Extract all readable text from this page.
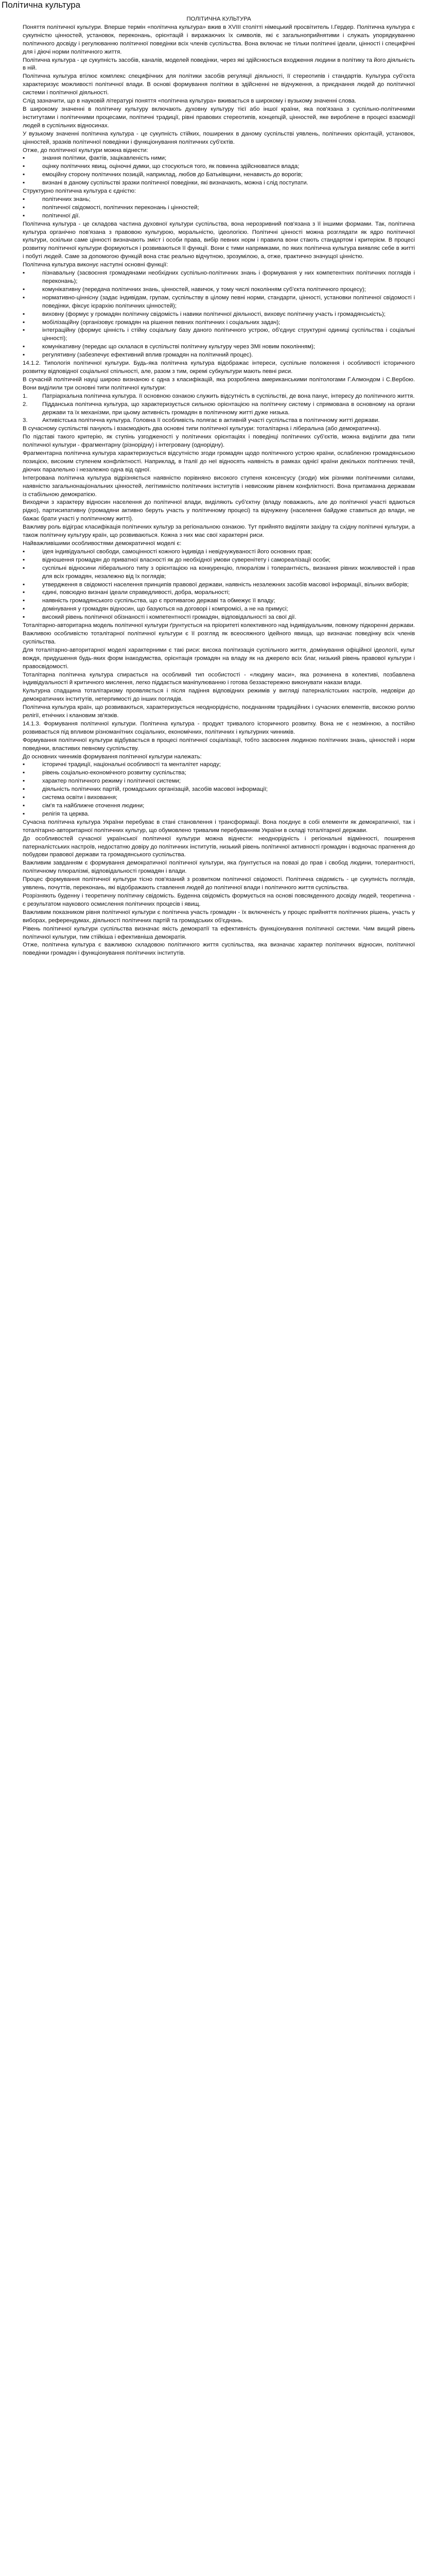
Політична культура

ПОЛІТИЧНА КУЛЬТУРА

Поняття політичної культури. Вперше термін «політична культура» вжив в XVIII столітті німецький просвітитель І.Гердер. Політична культура є сукупністю цінностей, установок, переконань, орієнтацій і виражаючих їх символів, які є загальноприйнятими і служать упорядкуванню політичного досвіду і регулюванню політичної поведінки всіх членів суспільства. Вона включає не тільки політичні ідеали, цінності і специфічні для і діючі норми політичного життя.

Політична культура - це сукупність засобів, каналів, моделей поведінки, через які здійснюється входження людини в політику та його діяльність в ній.

Політична культура втілює комплекс специфічних для політики засобів регуляції діяльності, її стереотипів і стандартів. Культура суб'єкта характеризує можливості політичної влади. В основі формування політики в здійсненні не відчуження, а приєднання людей до політичної системи і політичної діяльності.

Слід зазначити, що в науковій літературі поняття «політична культура» вживається в широкому і вузькому значенні слова.

В широкому значенні в політичну культуру включають духовну культуру тієї або іншої країни, яка пов'язана з суспільно-політичними інститутами і політичними процесами, політичні традиції, рівні правових стереотипів, концепцій, цінностей, яке вироблене в процесі взаємодії людей в суспільних відносинах.

У вузькому значенні політична культура - це сукупність стійких, поширених в даному суспільстві уявлень, політичних орієнтацій, установок, цінностей, зразків політичної поведінки і функціонування політичних суб'єктів.

Отже, до політичної культури можна віднести:

▪	знання політики, фактів, зацікавленість ними;
▪	оцінку політичних явищ, оціночні думки, що стосуються того, як повинна здійснюватися влада;
▪	емоційну сторону політичних позицій, наприклад, любов до Батьківщини, ненависть до ворогів;
▪	визнані в даному суспільстві зразки політичної поведінки, які визначають, можна і слід поступати.

Структурно політична культура є єдністю:

▪	політичних знань;
▪	політичної свідомості, політичних переконань і цінностей;
▪	політичної дії.

Політична культура - це складова частина духовної культури суспільства, вона нерозривний пов'язана з її іншими формами. Так, політична культура органічно пов'язана з правовою культурою, моральністю, ідеологією. Політичні цінності можна розглядати як ядро політичної культури, оскільки саме цінності визначають зміст і особи права, вибір певних норм і правила вони стають стандартом і критерієм. В процесі розвитку політичної культури формуються і розвиваються її функції. Вони є тими напрямками, по яких політична культура виявляє себе в житті і побуті людей. Саме за допомогою функцій вона стає реально відчутною, зрозумілою, а, отже, практично значущої цінністю.

Політична культура виконує наступні основні функції:

▪	пізнавальну (засвоєння громадянами необхідних суспільно-політичних знань і формування у них компетентних політичних поглядів і переконань);
▪	комунікативну (передача політичних знань, цінностей, навичок, у тому числі поколінням суб'єкта політичного процесу);
▪	нормативно-ціннісну (задає індивідам, групам, суспільству в цілому певні норми, стандарти, цінності, установки політичної свідомості і поведінки, фіксує ієрархію політичних цінностей);
▪	виховну (формує у громадян політичну свідомість і навики політичної діяльності, виховує політичну участь і громадянськість);
▪	мобілізаційну (організовує громадян на рішення певних політичних і соціальних задач);
▪	інтеграційну (формує цінність і стійку соціальну базу даного політичного устрою, об'єднує структурні одиниці суспільства і соціальні цінності);
▪	комунікативну (передає що склалася в суспільстві політичну культуру через ЗМІ новим поколінням);
▪	регулятивну (забезпечує ефективний вплив громадян на політичний процес).

14.1.2. Типологія політичної культури. Будь-яка політична культура відображає інтереси, суспільне положення і особливості історичного розвитку відповідної соціальної спільності, але, разом з тим, окремі субкультури мають певні риси.

В сучасній політичній науці широко визнаною є одна з класифікацій, яка розроблена американськими політологами Г.Алмондом і С.Вербою. Вони виділили три основні типи політичної культури:

1.	Патріархальна політична культура. її основною ознакою служить відсутність в суспільстві, де вона панує, інтересу до політичного життя.
2.	Підданська політична культура, що характеризується сильною орієнтацією на політичну систему і спрямована в основному на органи держави та їх механізми, при цьому активність громадян в політичному житті дуже низька.
3.	Активістська політична культура. Головна її особливість полягає в активній участі суспільства в політичному житті держави.

В сучасному суспільстві панують і взаємодіють два основні типи політичної культури: тоталітарна і ліберальна (або демократична).

По підставі такого критерію, як ступінь узгодженості у політичних орієнтаціях і поведінці політичних суб'єктів, можна виділити два типи політичної культури - фрагментарну (різнорідну) і інтегровану (однорідну).

Фрагментарна політична культура характеризується відсутністю згоди громадян щодо політичного устрою країни, ослабленою громадянською позицією, високим ступенем конфліктності. Наприклад, в Італії до неї відносять наявність в рамках однієї країни декількох політичних течій, діючих паралельно і незалежно одна від одної.

Інтегрована політична культура відрізняється наявністю порівняно високого ступеня консенсусу (згоди) між різними політичними силами, наявністю загальнонаціональних цінностей, легітимністю політичних інститутів і невисоким рівнем конфліктності. Вона притаманна державам із стабільною демократією.

Виходячи з характеру відносин населення до політичної влади, виділяють суб'єктну (владу поважають, але до політичної участі вдаються рідко), партисипативну (громадяни активно беруть участь у політичному процесі) та відчужену (населення байдуже ставиться до влади, не бажає брати участі у політичному житті).

Важливу роль відіграє класифікація політичних культур за регіональною ознакою. Тут прийнято виділяти західну та східну політичні культури, а також політичну культуру країн, що розвиваються. Кожна з них має свої характерні риси.

Найважливішими особливостями демократичної моделі є:

▪	ідея індивідуальної свободи, самоцінності кожного індивіда і невідчужуваності його основних прав;
▪	відношення громадян до приватної власності як до необхідної умови суверенітету і самореалізації особи;
▪	суспільні відносини ліберального типу з орієнтацією на конкуренцію, плюралізм і толерантність, визнання рівних можливостей і прав для всіх громадян, незалежно від їх поглядів;
▪	утвердження в свідомості населення принципів правової держави, наявність незалежних засобів масової інформації, вільних виборів;
▪	єдині, повсюдно визнані ідеали справедливості, добра, моральності;
▪	наявність громадянського суспільства, що є противагою державі та обмежує її владу;
▪	домінування у громадян відносин, що базуються на договорі і компромісі, а не на примусі;
▪	високий рівень політичної обізнаності і компетентності громадян, відповідальності за свої дії.

Тоталітарно-авторитарна модель політичної культури ґрунтується на пріоритеті колективного над індивідуальним, повному підкоренні держави.

Важливою особливістю тоталітарної політичної культури є її розгляд як всеосяжного ідейного явища, що визначає поведінку всіх членів суспільства.

Для тоталітарно-авторитарної моделі характерними є такі риси: висока політизація суспільного життя, домінування офіційної ідеології, культ вождя, придушення будь-яких форм інакодумства, орієнтація громадян на владу як на джерело всіх благ, низький рівень правової культури і правосвідомості.

Тоталітарна політична культура спирається на особливий тип особистості - «людину маси», яка розчинена в колективі, позбавлена індивідуальності й критичного мислення, легко піддається маніпулюванню і готова беззастережно виконувати накази влади.

Культурна спадщина тоталітаризму проявляється і після падіння відповідних режимів у вигляді патерналістських настроїв, недовіри до демократичних інститутів, нетерпимості до інших поглядів.

Політична культура країн, що розвиваються, характеризується неоднорідністю, поєднанням традиційних і сучасних елементів, високою роллю релігії, етнічних і клановим зв'язків.

14.1.3. Формування політичної культури. Політична культура - продукт тривалого історичного розвитку. Вона не є незмінною, а постійно розвивається під впливом різноманітних соціальних, економічних, політичних і культурних чинників.

Формування політичної культури відбувається в процесі політичної соціалізації, тобто засвоєння людиною політичних знань, цінностей і норм поведінки, властивих певному суспільству.

До основних чинників формування політичної культури належать:

▪	історичні традиції, національні особливості та менталітет народу;
▪	рівень соціально-економічного розвитку суспільства;
▪	характер політичного режиму і політичної системи;
▪	діяльність політичних партій, громадських організацій, засобів масової інформації;
▪	система освіти і виховання;
▪	сім'я та найближче оточення людини;
▪	релігія та церква.

Сучасна політична культура України перебуває в стані становлення і трансформації. Вона поєднує в собі елементи як демократичної, так і тоталітарно-авторитарної політичних культур, що обумовлено тривалим перебуванням України в складі тоталітарної держави.

До особливостей сучасної української політичної культури можна віднести: неоднорідність і регіональні відмінності, поширення патерналістських настроїв, недостатню довіру до політичних інститутів, низький рівень політичної активності громадян і водночас прагнення до побудови правової держави та громадянського суспільства.

Важливим завданням є формування демократичної політичної культури, яка ґрунтується на повазі до прав і свобод людини, толерантності, політичному плюралізмі, відповідальності громадян і влади.

Процес формування політичної культури тісно пов'язаний з розвитком політичної свідомості. Політична свідомість - це сукупність поглядів, уявлень, почуттів, переконань, які відображають ставлення людей до політичної влади і політичного життя суспільства.

Розрізняють буденну і теоретичну політичну свідомість. Буденна свідомість формується на основі повсякденного досвіду людей, теоретична - є результатом наукового осмислення політичних процесів і явищ.

Важливим показником рівня політичної культури є політична участь громадян - їх включеність у процес прийняття політичних рішень, участь у виборах, референдумах, діяльності політичних партій та громадських об'єднань.

Рівень політичної культури суспільства визначає якість демократії та ефективність функціонування політичної системи. Чим вищий рівень політичної культури, тим стійкіша і ефективніша демократія.

Отже, політична культура є важливою складовою політичного життя суспільства, яка визначає характер політичних відносин, політичної поведінки громадян і функціонування політичних інститутів.
